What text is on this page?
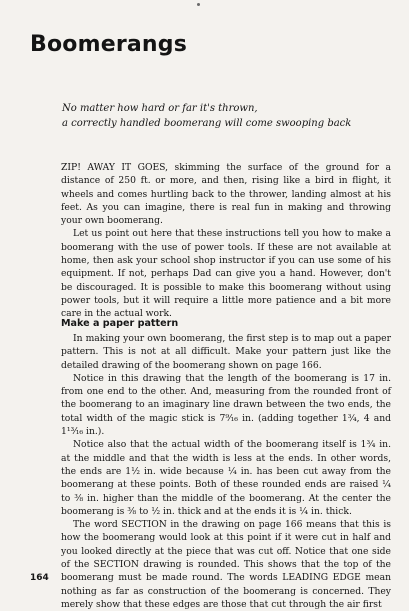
Boomerangs
No matter how hard or far it's thrown,
a correctly handled boomerang will come swooping back

ZIP! AWAY IT GOES, skimming the surface of the ground for a distance of 250 ft. or more, and then, rising like a bird in flight, it wheels and comes hurtling back to the thrower, landing almost at his feet. As you can imagine, there is real fun in making and throwing your own boomerang.

Let us point out here that these instructions tell you how to make a boomerang with the use of power tools. If these are not available at home, then ask your school shop instructor if you can use some of his equipment. If not, perhaps Dad can give you a hand. However, don't be discouraged. It is possible to make this boomerang without using power tools, but it will require a little more patience and a bit more care in the actual work.

Make a paper pattern

In making your own boomerang, the first step is to map out a paper pattern. This is not at all difficult. Make your pattern just like the detailed drawing of the boomerang shown on page 166.

Notice in this drawing that the length of the boomerang is 17 in. from one end to the other. And, measuring from the rounded front of the boomerang to an imaginary line drawn between the two ends, the total width of the magic stick is 7⁹⁄₁₆ in. (adding together 1¾, 4 and 1¹³⁄₁₆ in.).

Notice also that the actual width of the boomerang itself is 1¾ in. at the middle and that the width is less at the ends. In other words, the ends are 1½ in. wide because ¼ in. has been cut away from the boomerang at these points. Both of these rounded ends are raised ¼ to ⅜ in. higher than the middle of the boomerang. At the center the boomerang is ⅜ to ½ in. thick and at the ends it is ¼ in. thick.

The word SECTION in the drawing on page 166 means that this is how the boomerang would look at this point if it were cut in half and you looked directly at the piece that was cut off. Notice that one side of the SECTION drawing is rounded. This shows that the top of the boomerang must be made round. The words LEADING EDGE mean nothing as far as construction of the boomerang is concerned. They merely show that these edges are those that cut through the air first

164
